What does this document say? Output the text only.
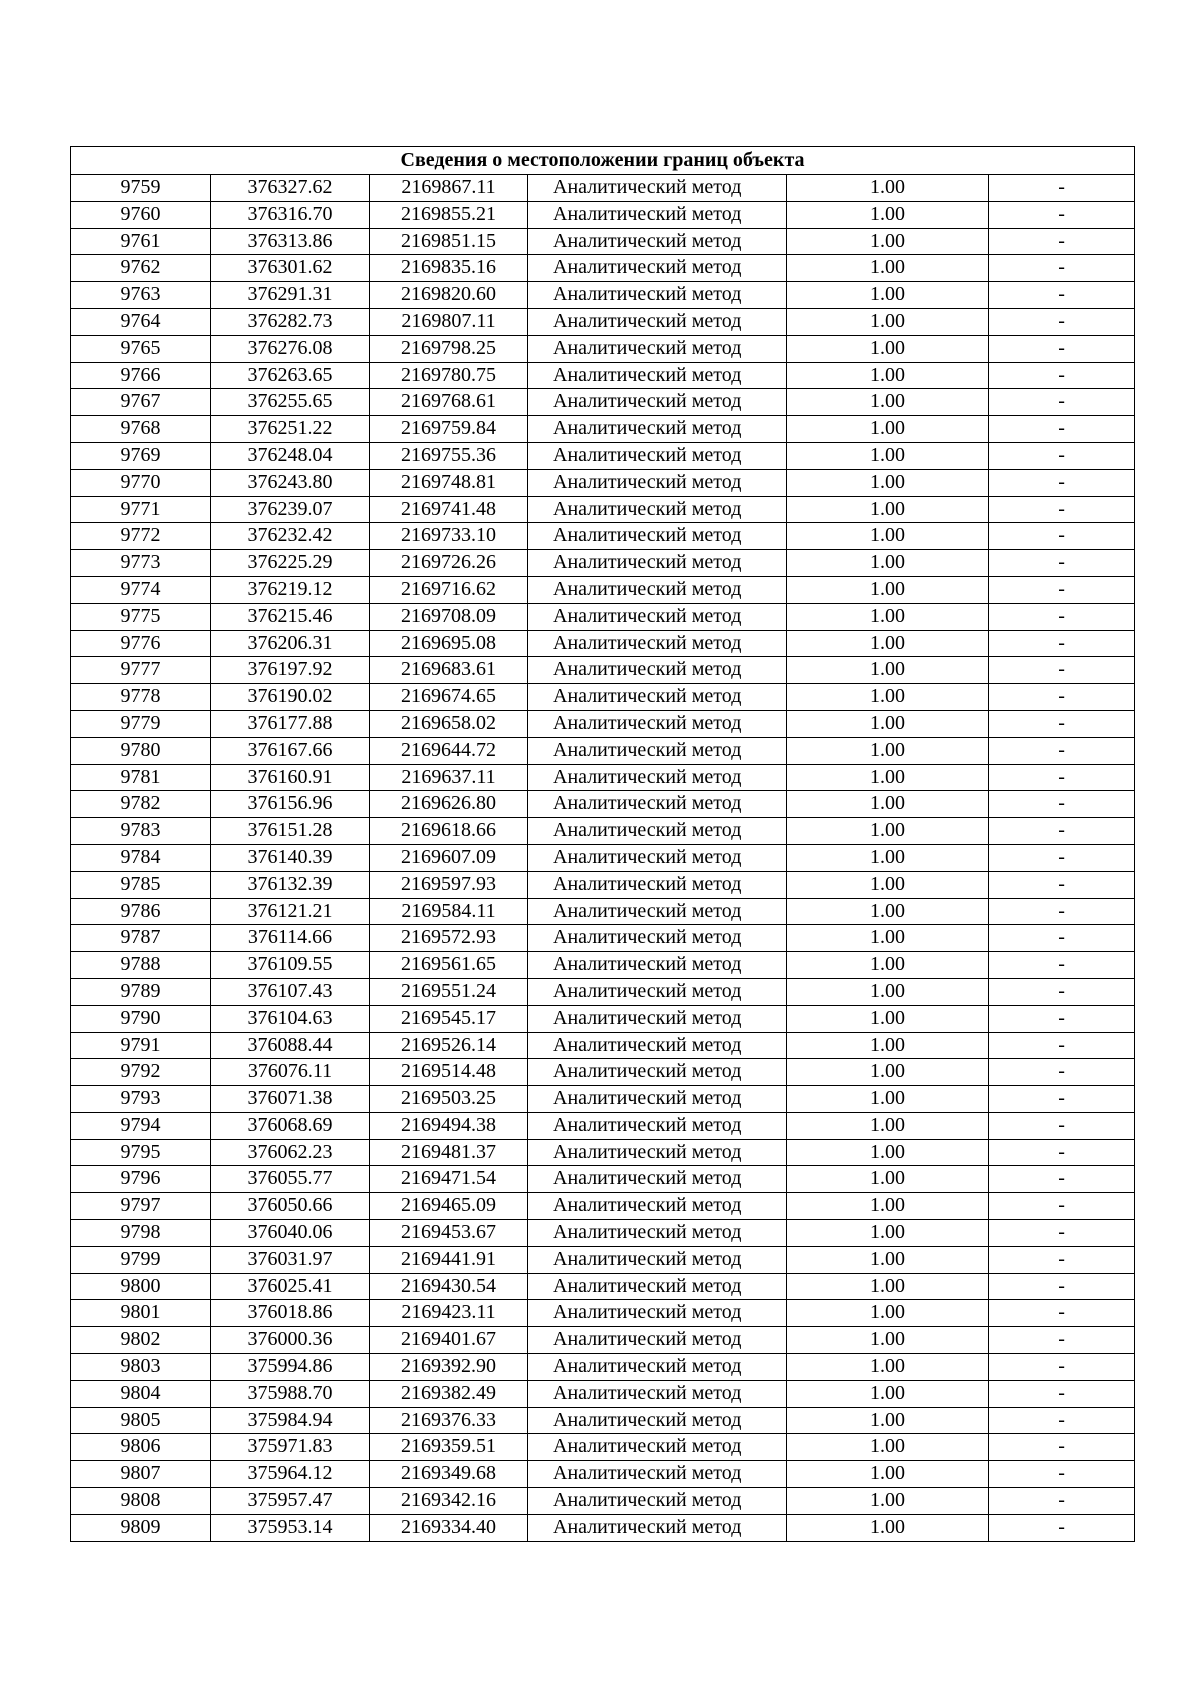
Сведения о местоположении границ объекта					
9759	376327.62	2169867.11	Аналитический метод	1.00	-
9760	376316.70	2169855.21	Аналитический метод	1.00	-
9761	376313.86	2169851.15	Аналитический метод	1.00	-
9762	376301.62	2169835.16	Аналитический метод	1.00	-
9763	376291.31	2169820.60	Аналитический метод	1.00	-
9764	376282.73	2169807.11	Аналитический метод	1.00	-
9765	376276.08	2169798.25	Аналитический метод	1.00	-
9766	376263.65	2169780.75	Аналитический метод	1.00	-
9767	376255.65	2169768.61	Аналитический метод	1.00	-
9768	376251.22	2169759.84	Аналитический метод	1.00	-
9769	376248.04	2169755.36	Аналитический метод	1.00	-
9770	376243.80	2169748.81	Аналитический метод	1.00	-
9771	376239.07	2169741.48	Аналитический метод	1.00	-
9772	376232.42	2169733.10	Аналитический метод	1.00	-
9773	376225.29	2169726.26	Аналитический метод	1.00	-
9774	376219.12	2169716.62	Аналитический метод	1.00	-
9775	376215.46	2169708.09	Аналитический метод	1.00	-
9776	376206.31	2169695.08	Аналитический метод	1.00	-
9777	376197.92	2169683.61	Аналитический метод	1.00	-
9778	376190.02	2169674.65	Аналитический метод	1.00	-
9779	376177.88	2169658.02	Аналитический метод	1.00	-
9780	376167.66	2169644.72	Аналитический метод	1.00	-
9781	376160.91	2169637.11	Аналитический метод	1.00	-
9782	376156.96	2169626.80	Аналитический метод	1.00	-
9783	376151.28	2169618.66	Аналитический метод	1.00	-
9784	376140.39	2169607.09	Аналитический метод	1.00	-
9785	376132.39	2169597.93	Аналитический метод	1.00	-
9786	376121.21	2169584.11	Аналитический метод	1.00	-
9787	376114.66	2169572.93	Аналитический метод	1.00	-
9788	376109.55	2169561.65	Аналитический метод	1.00	-
9789	376107.43	2169551.24	Аналитический метод	1.00	-
9790	376104.63	2169545.17	Аналитический метод	1.00	-
9791	376088.44	2169526.14	Аналитический метод	1.00	-
9792	376076.11	2169514.48	Аналитический метод	1.00	-
9793	376071.38	2169503.25	Аналитический метод	1.00	-
9794	376068.69	2169494.38	Аналитический метод	1.00	-
9795	376062.23	2169481.37	Аналитический метод	1.00	-
9796	376055.77	2169471.54	Аналитический метод	1.00	-
9797	376050.66	2169465.09	Аналитический метод	1.00	-
9798	376040.06	2169453.67	Аналитический метод	1.00	-
9799	376031.97	2169441.91	Аналитический метод	1.00	-
9800	376025.41	2169430.54	Аналитический метод	1.00	-
9801	376018.86	2169423.11	Аналитический метод	1.00	-
9802	376000.36	2169401.67	Аналитический метод	1.00	-
9803	375994.86	2169392.90	Аналитический метод	1.00	-
9804	375988.70	2169382.49	Аналитический метод	1.00	-
9805	375984.94	2169376.33	Аналитический метод	1.00	-
9806	375971.83	2169359.51	Аналитический метод	1.00	-
9807	375964.12	2169349.68	Аналитический метод	1.00	-
9808	375957.47	2169342.16	Аналитический метод	1.00	-
9809	375953.14	2169334.40	Аналитический метод	1.00	-
